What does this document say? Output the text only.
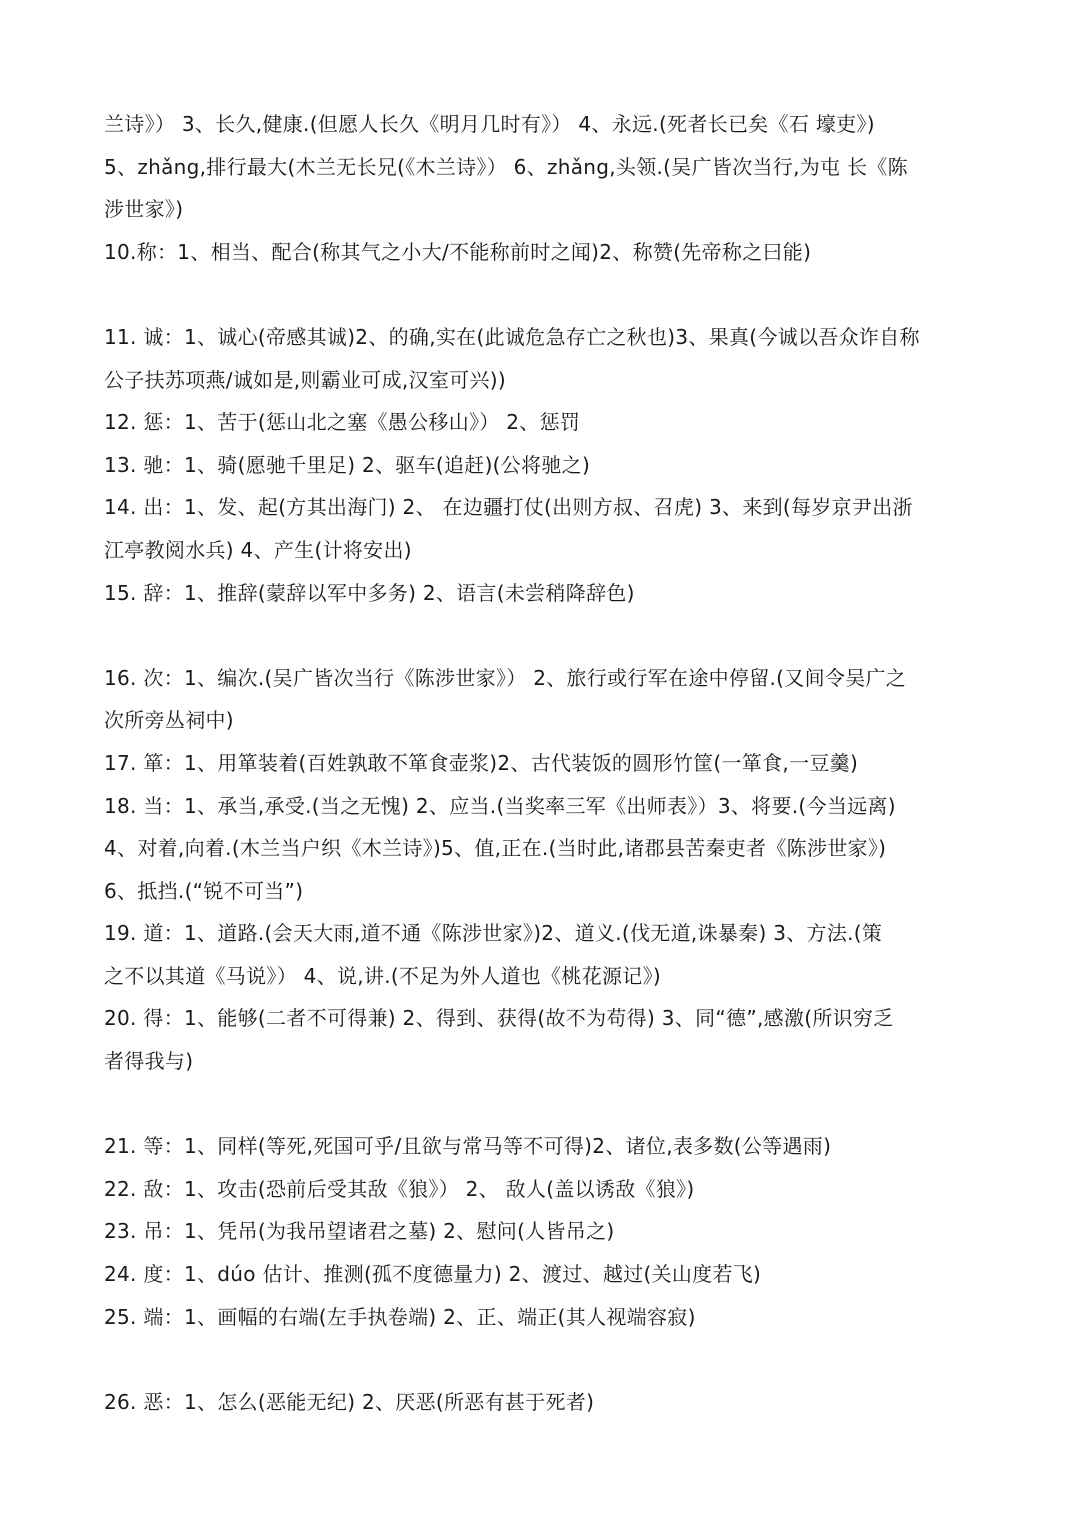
兰诗》） 3、长久,健康.(但愿人长久《明月几时有》） 4、永远.(死者长已矣《石 壕吏》)
5、zhǎng,排行最大(木兰无长兄(《木兰诗》） 6、zhǎng,头领.(吴广皆次当行,为屯 长《陈
涉世家》)
10.称：1、相当、配合(称其气之小大/不能称前时之闻)2、称赞(先帝称之曰能)
11. 诚：1、诚心(帝感其诚)2、的确,实在(此诚危急存亡之秋也)3、果真(今诚以吾众诈自称
公子扶苏项燕/诚如是,则霸业可成,汉室可兴))
12. 惩：1、苦于(惩山北之塞《愚公移山》） 2、惩罚
13. 驰：1、骑(愿驰千里足) 2、驱车(追赶)(公将驰之)
14. 出：1、发、起(方其出海门) 2、 在边疆打仗(出则方叔、召虎) 3、来到(每岁京尹出浙
江亭教阅水兵) 4、产生(计将安出)
15. 辞：1、推辞(蒙辞以军中多务) 2、语言(未尝稍降辞色)
16. 次：1、编次.(吴广皆次当行《陈涉世家》） 2、旅行或行军在途中停留.(又间令吴广之
次所旁丛祠中)
17. 箪：1、用箪装着(百姓孰敢不箪食壶浆)2、古代装饭的圆形竹筐(一箪食,一豆羹)
18. 当：1、承当,承受.(当之无愧) 2、应当.(当奖率三军《出师表》）3、将要.(今当远离)
4、对着,向着.(木兰当户织《木兰诗》)5、值,正在.(当时此,诸郡县苦秦吏者《陈涉世家》)
6、抵挡.(“锐不可当”)
19. 道：1、道路.(会天大雨,道不通《陈涉世家》)2、道义.(伐无道,诛暴秦) 3、方法.(策
之不以其道《马说》） 4、说,讲.(不足为外人道也《桃花源记》)
20. 得：1、能够(二者不可得兼) 2、得到、获得(故不为苟得) 3、同“德”,感激(所识穷乏
者得我与)
21. 等：1、同样(等死,死国可乎/且欲与常马等不可得)2、诸位,表多数(公等遇雨)
22. 敌：1、攻击(恐前后受其敌《狼》） 2、 敌人(盖以诱敌《狼》)
23. 吊：1、凭吊(为我吊望诸君之墓) 2、慰问(人皆吊之)
24. 度：1、dúo 估计、推测(孤不度德量力) 2、渡过、越过(关山度若飞)
25. 端：1、画幅的右端(左手执卷端) 2、正、端正(其人视端容寂)
26. 恶：1、怎么(恶能无纪) 2、厌恶(所恶有甚于死者)
